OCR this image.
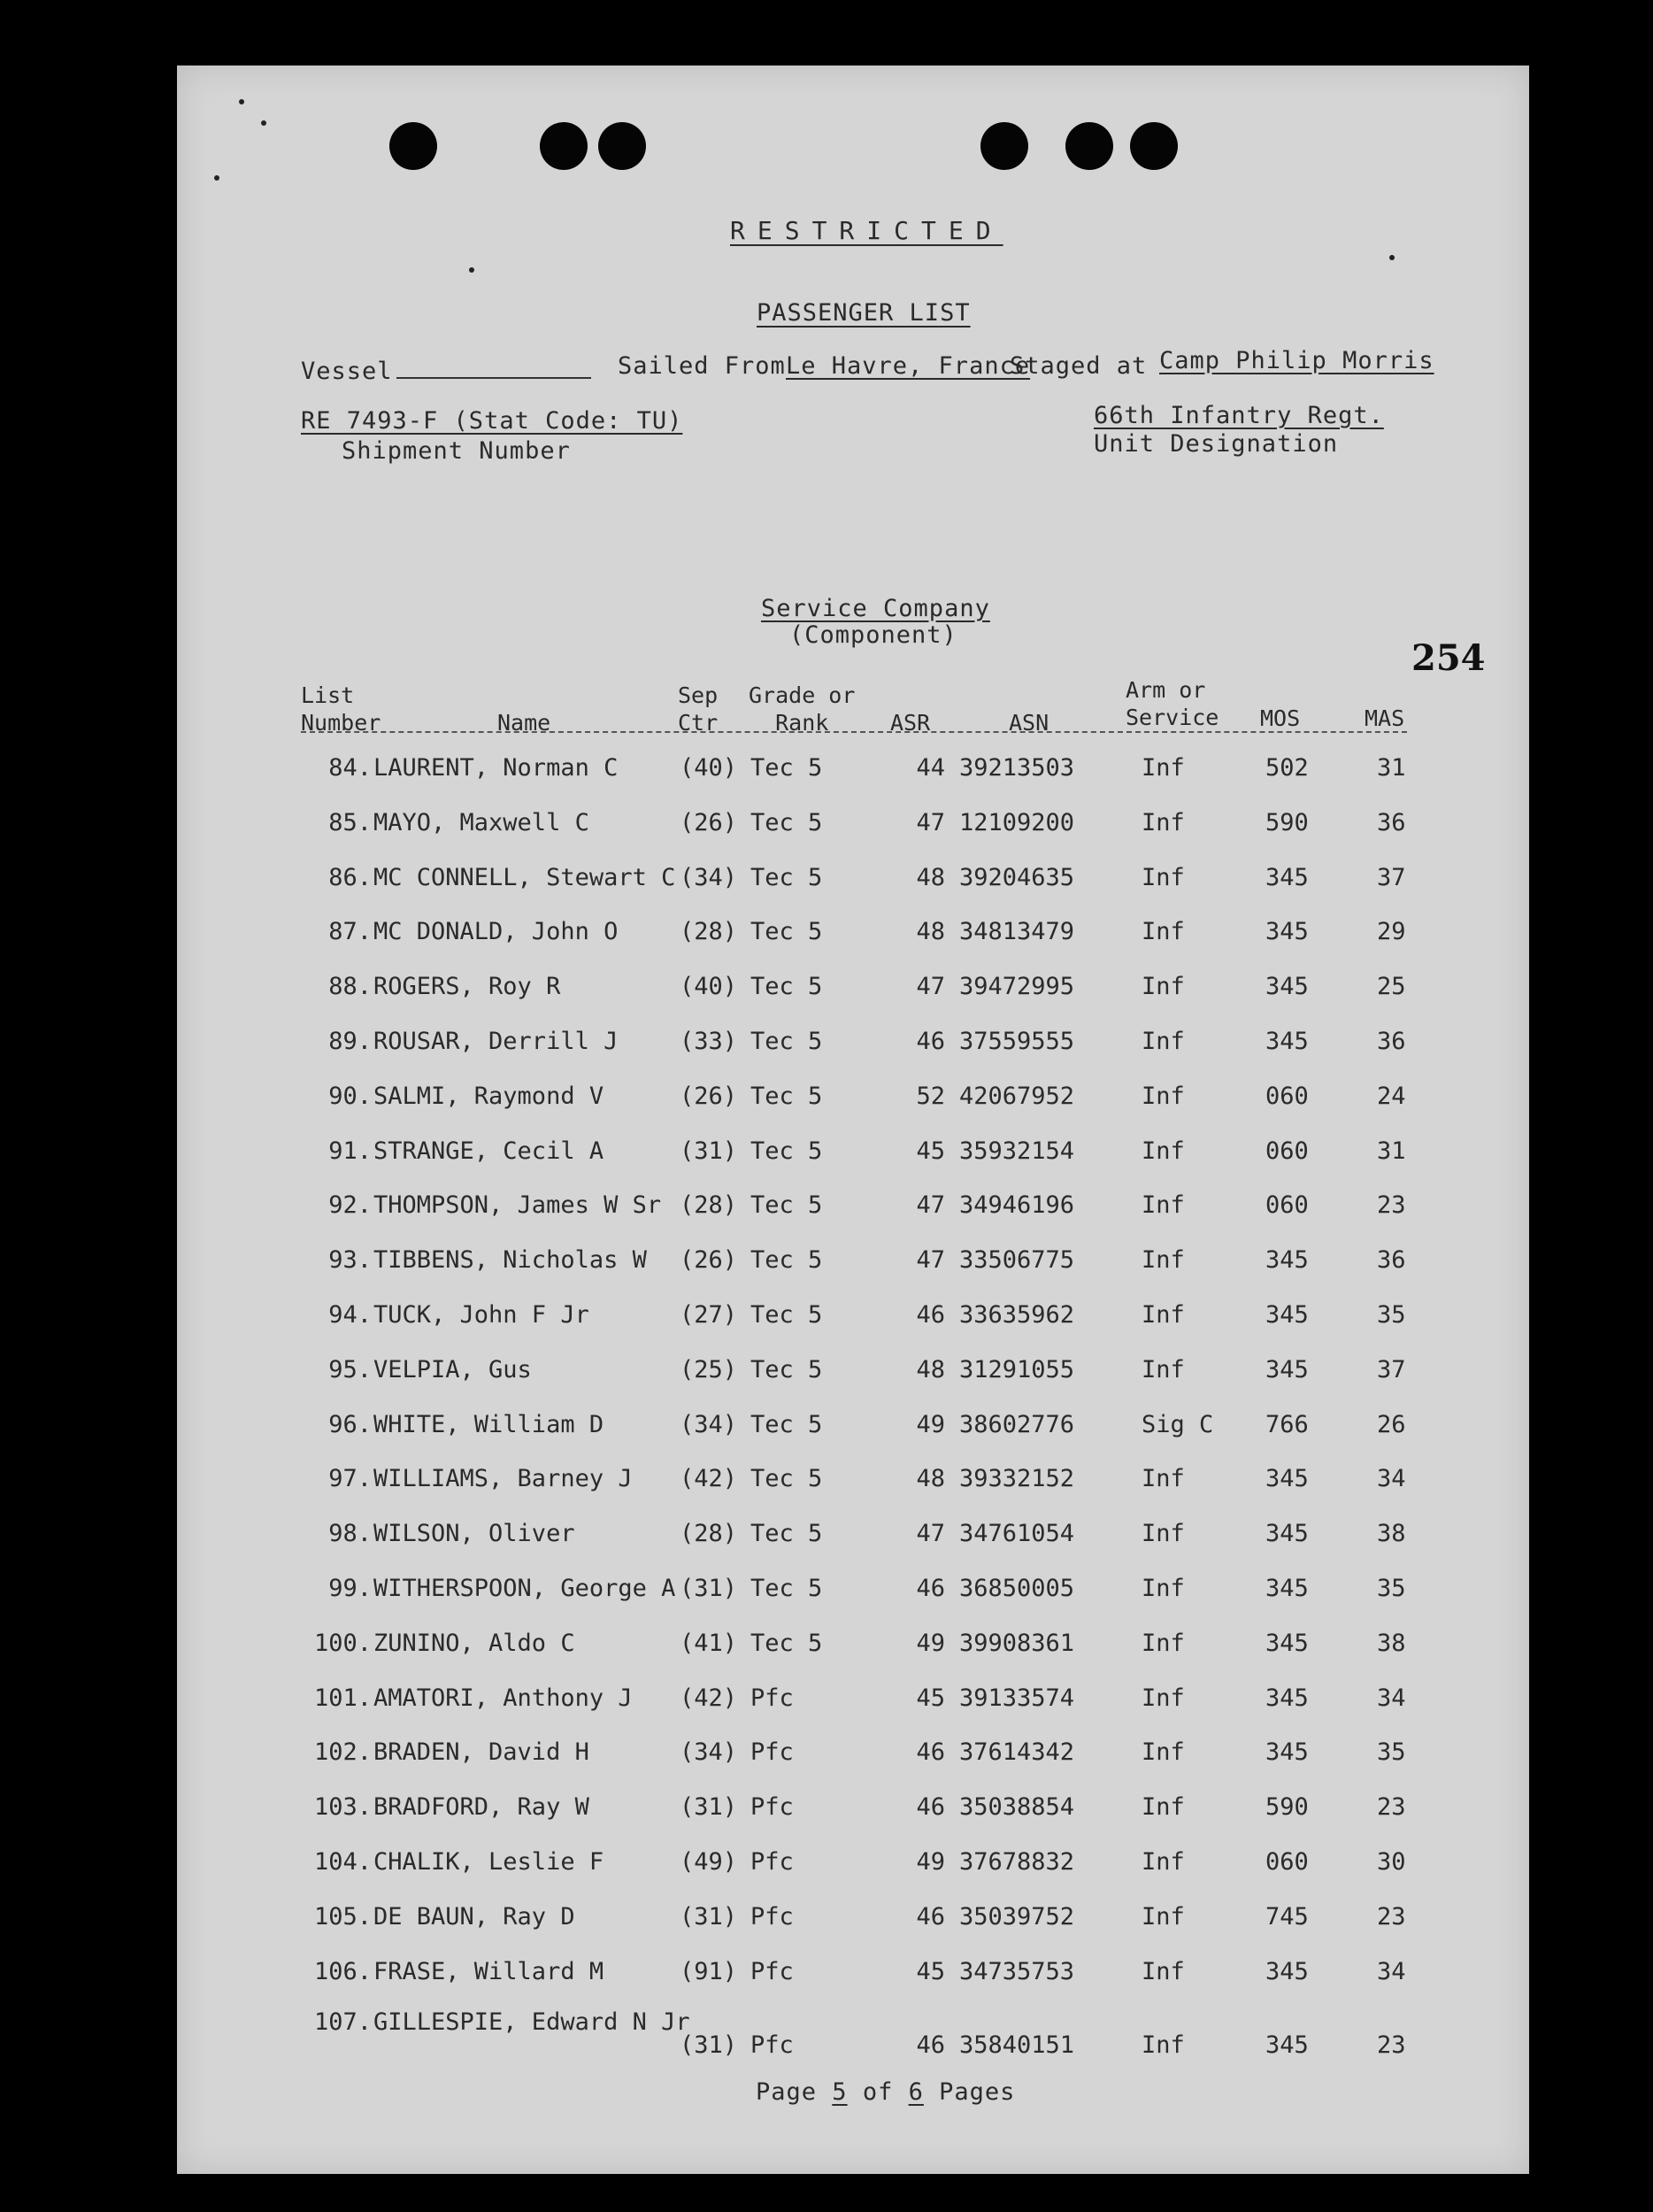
RESTRICTED
PASSENGER LIST
Vessel	Sailed From Le Havre, France
Staged at Camp Philip Morris
RE 7493-F (Stat Code: TU)
Shipment Number
66th Infantry Regt.
Unit Designation
Service Company
(Component)
254
List
Number	Name
Sep
Ctr
Grade or
Rank	ASR	ASN
Arm or
Service MOS	MAS
84. LAURENT, Norman C	(40) Tec 5	44 39213503	Inf	502	31
85. MAYO, Maxwell C	(26) Tec 5	47 12109200	Inf	590	36
86. MC CONNELL, Stewart C (34) Tec 5	48 39204635	Inf	345	37
87. MC DONALD, John O	(28) Tec 5	48 34813479	Inf	345	29
88. ROGERS, Roy R	(40) Tec 5	47 39472995	Inf	345	25
89. ROUSAR, Derrill J	(33) Tec 5	46 37559555	Inf	345	36
90. SALMI, Raymond V	(26) Tec 5	52 42067952	Inf	060	24
91. STRANGE, Cecil A	(31) Tec 5	45 35932154	Inf	060	31
92. THOMPSON, James W Sr (28) Tec 5	47 34946196	Inf	060	23
93. TIBBENS, Nicholas W (26) Tec 5	47 33506775	Inf	345	36
94. TUCK, John F Jr	(27) Tec 5	46 33635962	Inf	345	35
95. VELPIA, Gus	(25) Tec 5	48 31291055	Inf	345	37
96. WHITE, William D	(34) Tec 5	49 38602776	Sig C 766	26
97. WILLIAMS, Barney J (42) Tec 5	48 39332152	Inf	345	34
98. WILSON, Oliver	(28) Tec 5	47 34761054	Inf	345	38
99. WITHERSPOON, George A (31) Tec 5	46 36850005	Inf	345	35
100. ZUNINO, Aldo C	(41) Tec 5	49 39908361	Inf	345	38
101. AMATORI, Anthony J (42) Pfc	45 39133574	Inf	345	34
102. BRADEN, David H	(34) Pfc	46 37614342	Inf	345	35
103. BRADFORD, Ray W	(31) Pfc	46 35038854	Inf	590	23
104. CHALIK, Leslie F	(49) Pfc	49 37678832	Inf	060	30
105. DE BAUN, Ray D	(31) Pfc	46 35039752	Inf	745	23
106. FRASE, Willard M	(91) Pfc	45 34735753	Inf	345	34
107. GILLESPIE, Edward N Jr
(31) Pfc	46 35840151	Inf	345	23
Page 5 of 6 Pages
